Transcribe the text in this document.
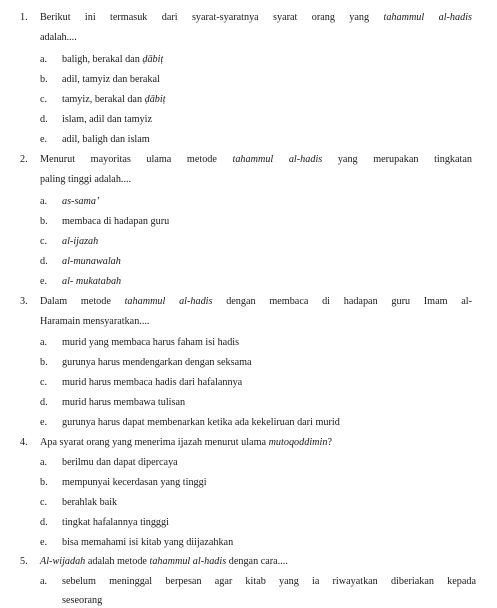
1.	Berikut ini termasuk dari syarat-syaratnya syarat orang yang tahammul al-hadis
adalah....
a.	baligh, berakal dan ḍābiṭ
b.	adil, tamyiz dan berakal
c.	tamyiz, berakal dan ḍābiṭ
d.	islam, adil dan tamyiz
e.	adil, baligh dan islam
2.	Menurut mayoritas ulama metode tahammul al-hadis yang merupakan tingkatan
paling tinggi adalah....
a.	as-sama’
b.	membaca di hadapan guru
c.	al-ijazah
d.	al-munawalah
e.	al- mukatabah
3.	Dalam metode tahammul al-hadis dengan membaca di hadapan guru Imam al-
Haramain mensyaratkan....
a.	murid yang membaca harus faham isi hadis
b.	gurunya harus mendengarkan dengan seksama
c.	murid harus membaca hadis dari hafalannya
d.	murid harus membawa tulisan
e.	gurunya harus dapat membenarkan ketika ada kekeliruan dari murid
4.	Apa syarat orang yang menerima ijazah menurut ulama mutoqoddimin?
a.	berilmu dan dapat dipercaya
b.	mempunyai kecerdasan yang tinggi
c.	berahlak baik
d.	tingkat hafalannya tingggi
e.	bisa memahami isi kitab yang diijazahkan
5.	Al-wijadah adalah metode tahammul al-hadis dengan cara....
a.	sebelum meninggal berpesan agar kitab yang ia riwayatkan diberiakan kepada
seseorang
